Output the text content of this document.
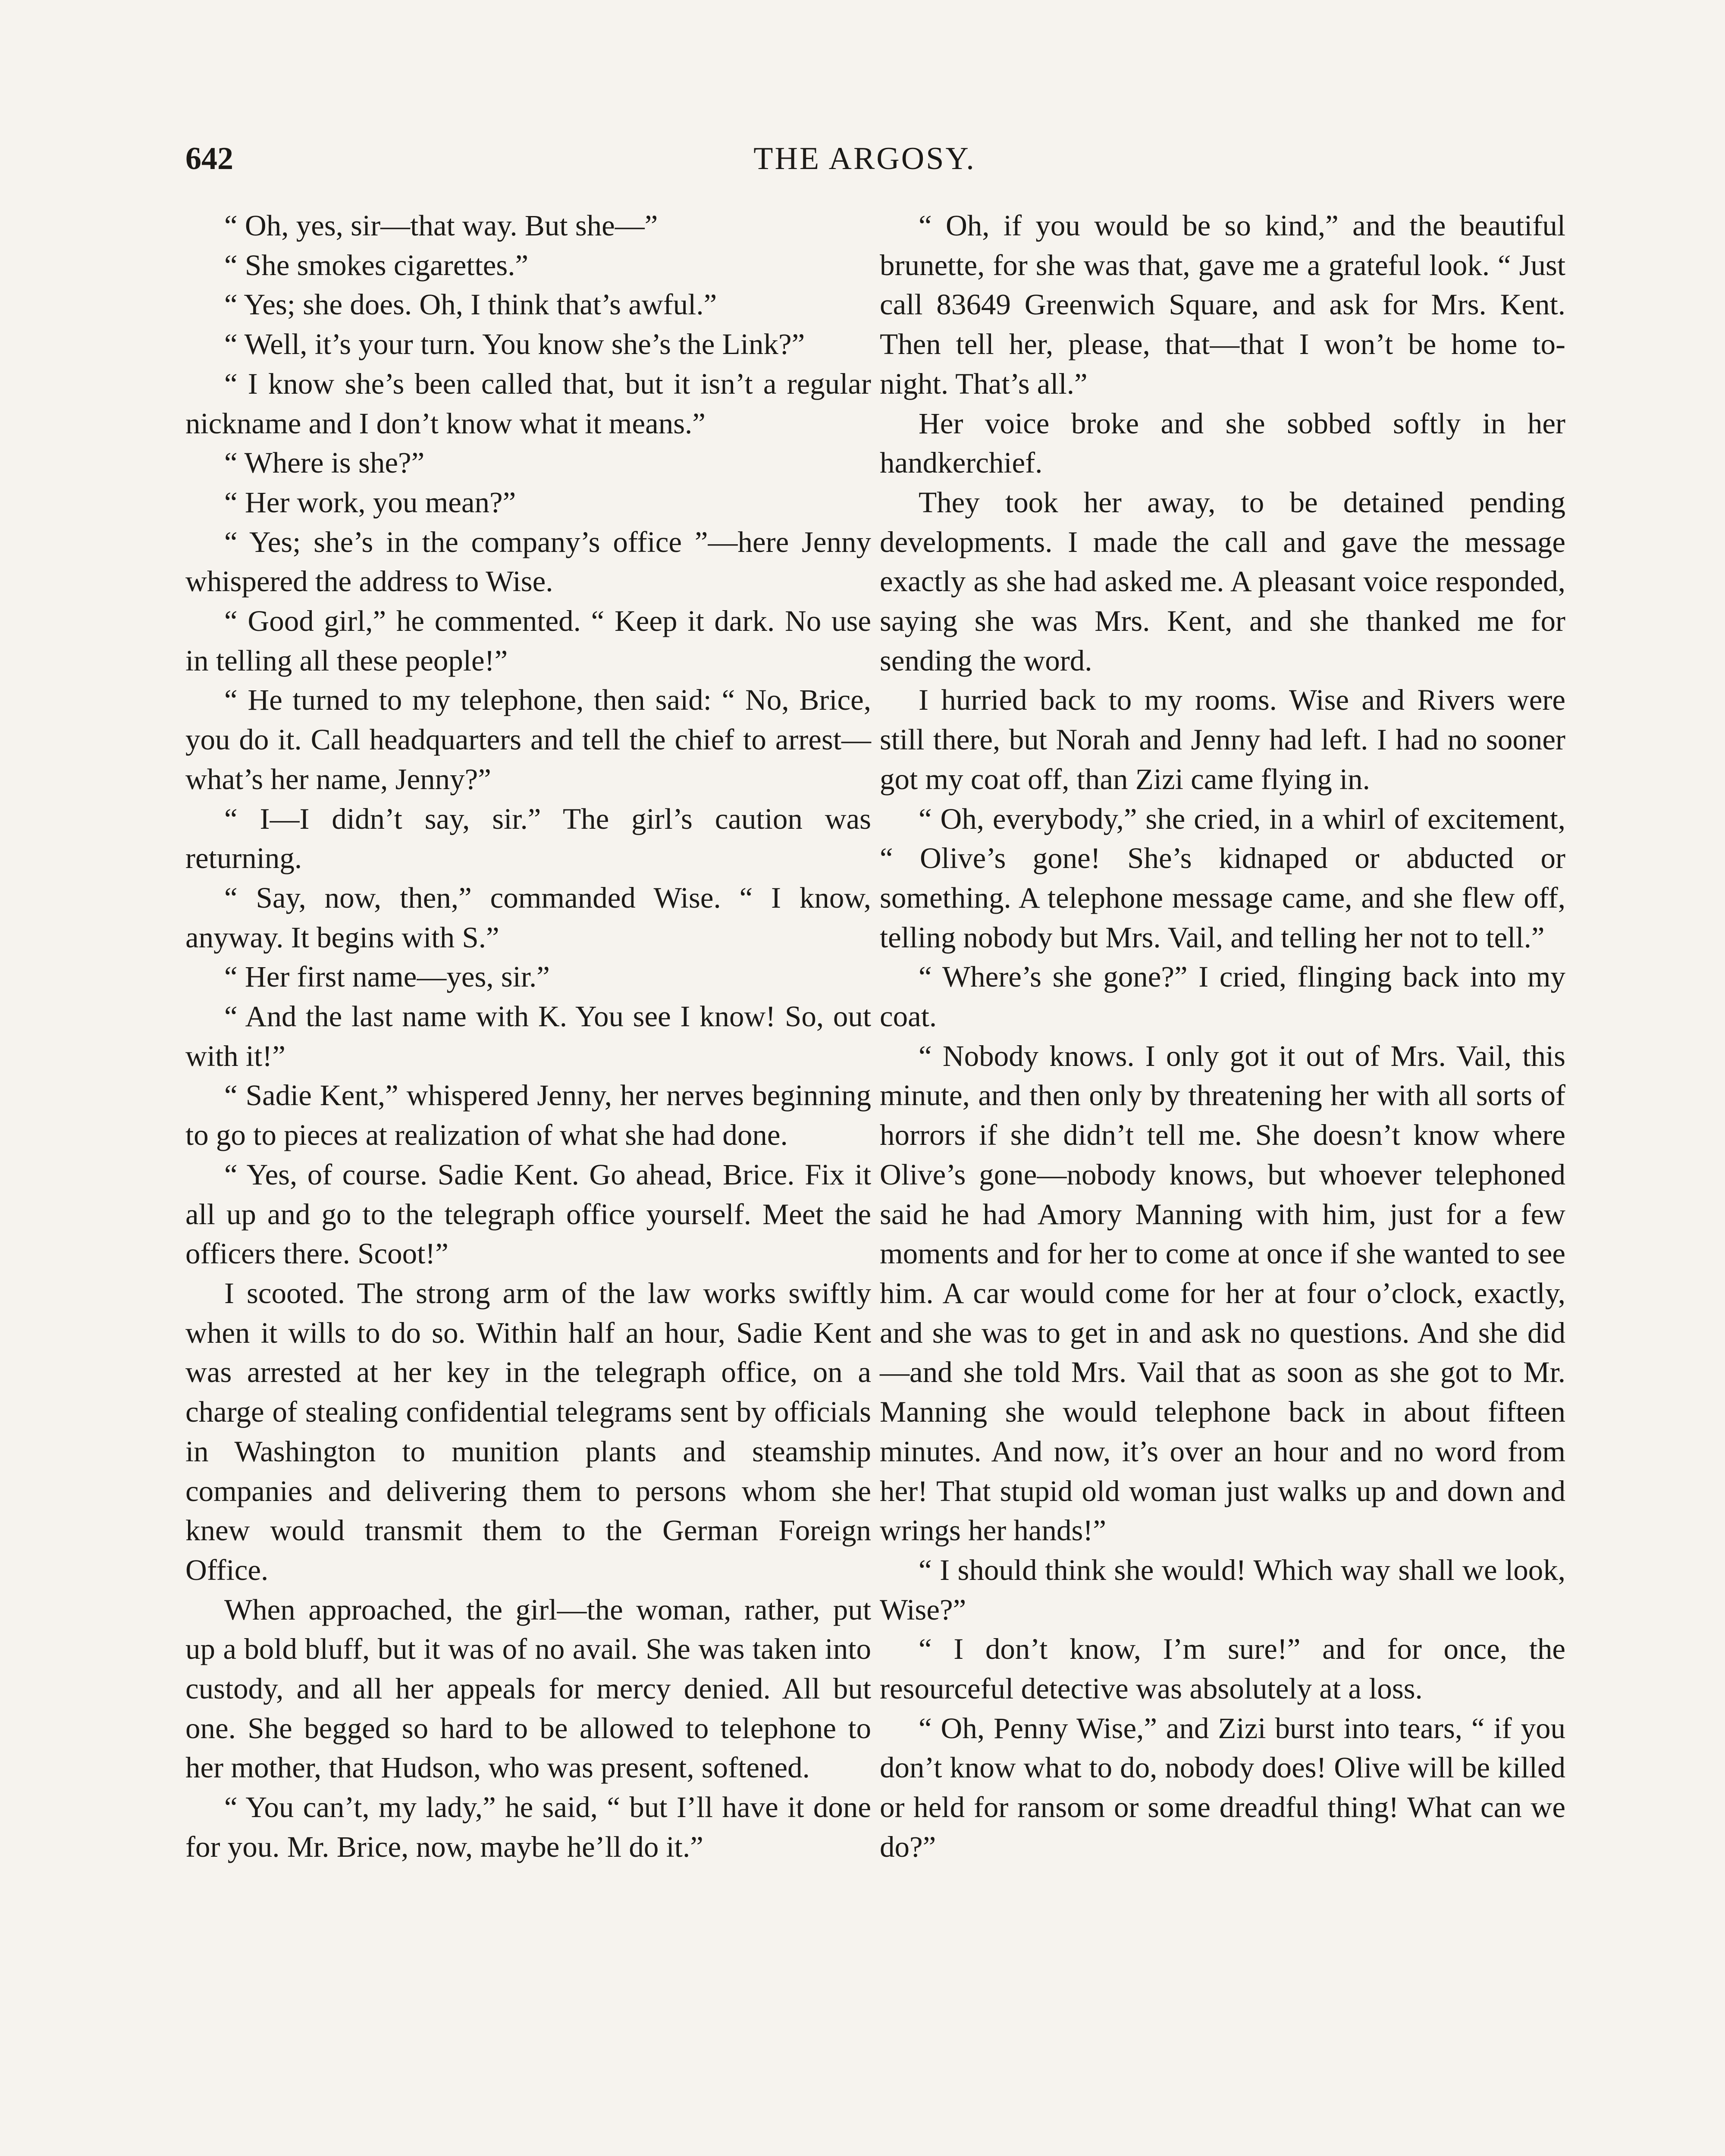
642	THE ARGOSY.

“ Oh, yes, sir—that way. But she—”

“ She smokes cigarettes.”

“ Yes; she does. Oh, I think that’s awful.”

“ Well, it’s your turn. You know she’s the Link?”

“ I know she’s been called that, but it isn’t a regular nickname and I don’t know what it means.”

“ Where is she?”

“ Her work, you mean?”

“ Yes; she’s in the company’s office ”—here Jenny whispered the address to Wise.

“ Good girl,” he commented. “ Keep it dark. No use in telling all these people!”

“ He turned to my telephone, then said: “ No, Brice, you do it. Call headquarters and tell the chief to arrest—what’s her name, Jenny?”

“ I—I didn’t say, sir.” The girl’s caution was returning.

“ Say, now, then,” commanded Wise. “ I know, anyway. It begins with S.”

“ Her first name—yes, sir.”

“ And the last name with K. You see I know! So, out with it!”

“ Sadie Kent,” whispered Jenny, her nerves beginning to go to pieces at realization of what she had done.

“ Yes, of course. Sadie Kent. Go ahead, Brice. Fix it all up and go to the telegraph office yourself. Meet the officers there. Scoot!”

I scooted. The strong arm of the law works swiftly when it wills to do so. Within half an hour, Sadie Kent was arrested at her key in the telegraph office, on a charge of stealing confidential telegrams sent by officials in Washington to munition plants and steamship companies and delivering them to persons whom she knew would transmit them to the German Foreign Office.

When approached, the girl—the woman, rather, put up a bold bluff, but it was of no avail. She was taken into custody, and all her appeals for mercy denied. All but one. She begged so hard to be allowed to telephone to her mother, that Hudson, who was present, softened.

“ You can’t, my lady,” he said, “ but I’ll have it done for you. Mr. Brice, now, maybe he’ll do it.”

“ Oh, if you would be so kind,” and the beautiful brunette, for she was that, gave me a grateful look. “ Just call 83649 Greenwich Square, and ask for Mrs. Kent. Then tell her, please, that—that I won’t be home to-night. That’s all.”

Her voice broke and she sobbed softly in her handkerchief.

They took her away, to be detained pending developments. I made the call and gave the message exactly as she had asked me. A pleasant voice responded, saying she was Mrs. Kent, and she thanked me for sending the word.

I hurried back to my rooms. Wise and Rivers were still there, but Norah and Jenny had left. I had no sooner got my coat off, than Zizi came flying in.

“ Oh, everybody,” she cried, in a whirl of excitement, “ Olive’s gone! She’s kidnaped or abducted or something. A telephone message came, and she flew off, telling nobody but Mrs. Vail, and telling her not to tell.”

“ Where’s she gone?” I cried, flinging back into my coat.

“ Nobody knows. I only got it out of Mrs. Vail, this minute, and then only by threatening her with all sorts of horrors if she didn’t tell me. She doesn’t know where Olive’s gone—nobody knows, but whoever telephoned said he had Amory Manning with him, just for a few moments and for her to come at once if she wanted to see him. A car would come for her at four o’clock, exactly, and she was to get in and ask no questions. And she did—and she told Mrs. Vail that as soon as she got to Mr. Manning she would telephone back in about fifteen minutes. And now, it’s over an hour and no word from her! That stupid old woman just walks up and down and wrings her hands!”

“ I should think she would! Which way shall we look, Wise?”

“ I don’t know, I’m sure!” and for once, the resourceful detective was absolutely at a loss.

“ Oh, Penny Wise,” and Zizi burst into tears, “ if you don’t know what to do, nobody does! Olive will be killed or held for ransom or some dreadful thing! What can we do?”
